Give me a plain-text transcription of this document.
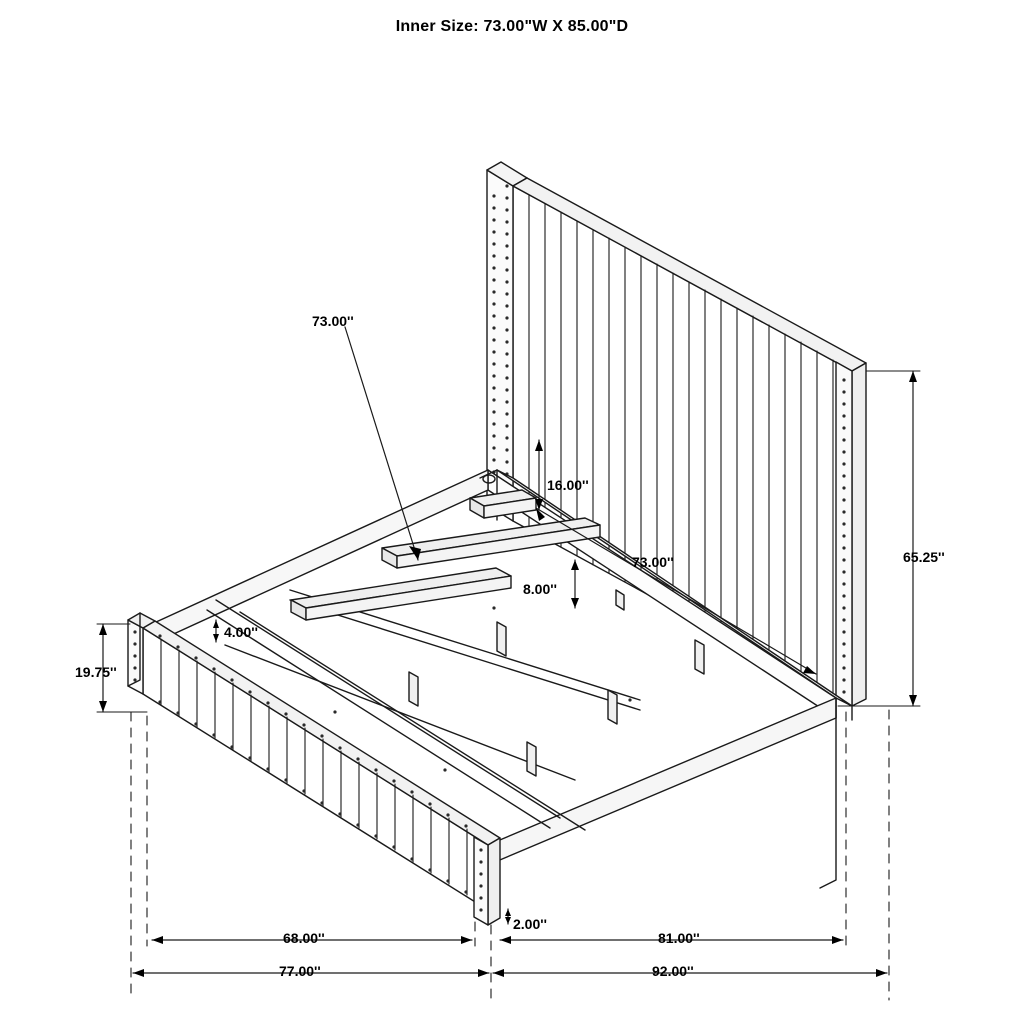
Inner Size: 73.00"W X 85.00"D
73.00''
16.00''
73.00''
8.00''
4.00''
65.25''
19.75''
2.00''
68.00''	81.00''
77.00''	92.00''
